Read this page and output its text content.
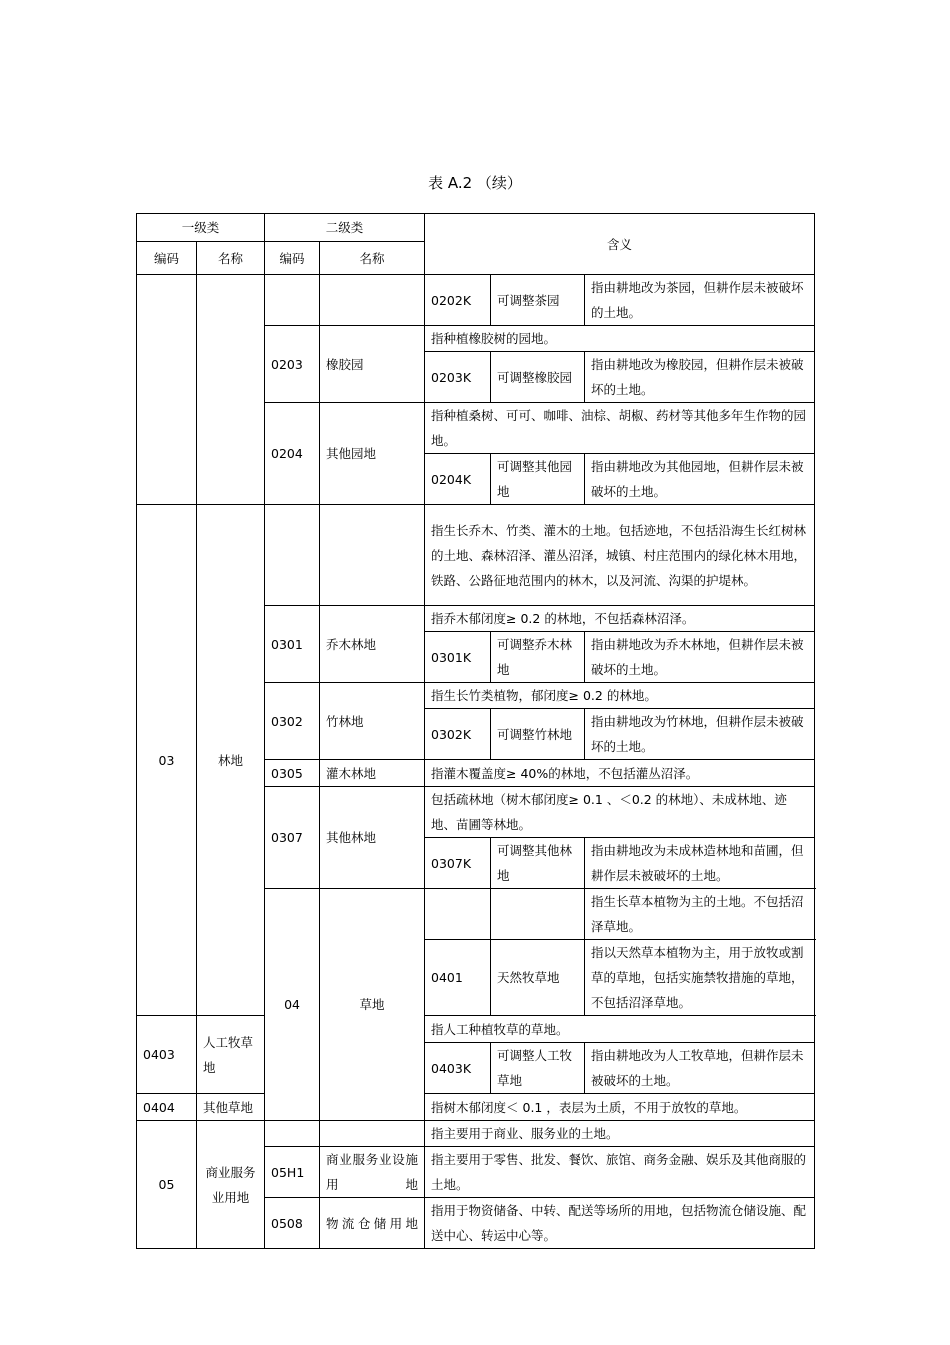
表 A.2 （续）
一级类		二级类		含义		
编码	名称	编码	名称			
				0202K	可调整茶园	指由耕地改为茶园，但耕作层未被破坏的土地。
		0203	橡胶园	指种植橡胶树的园地。		
				0203K	可调整橡胶园	指由耕地改为橡胶园，但耕作层未被破坏的土地。
		0204	其他园地	指种植桑树、可可、咖啡、油棕、胡椒、药材等其他多年生作物的园地。		
				0204K	可调整其他园地	指由耕地改为其他园地，但耕作层未被破坏的土地。
03	林地			指生长乔木、竹类、灌木的土地。包括迹地，不包括沿海生长红树林的土地、森林沼泽、灌丛沼泽，城镇、村庄范围内的绿化林木用地，铁路、公路征地范围内的林木，以及河流、沟渠的护堤林。		
		0301	乔木林地	指乔木郁闭度≥ 0.2 的林地，不包括森林沼泽。		
				0301K	可调整乔木林地	指由耕地改为乔木林地，但耕作层未被破坏的土地。
		0302	竹林地	指生长竹类植物，郁闭度≥ 0.2 的林地。		
				0302K	可调整竹林地	指由耕地改为竹林地，但耕作层未被破坏的土地。
		0305	灌木林地	指灌木覆盖度≥ 40%的林地，不包括灌丛沼泽。		
		0307	其他林地	包括疏林地（树木郁闭度≥ 0.1 、＜0.2 的林地）、未成林地、迹地、苗圃等林地。		
				0307K	可调整其他林地	指由耕地改为未成林造林地和苗圃，但耕作层未被破坏的土地。
		04	草地			指生长草本植物为主的土地。不包括沼泽草地。
				0401	天然牧草地	指以天然草本植物为主，用于放牧或割草的草地，包括实施禁牧措施的草地，不包括沼泽草地。
0403	人工牧草地			指人工种植牧草的草地。		
				0403K	可调整人工牧草地	指由耕地改为人工牧草地，但耕作层未被破坏的土地。
0404	其他草地			指树木郁闭度＜ 0.1 ，表层为土质，不用于放牧的草地。		
05	商业服务业用地			指主要用于商业、服务业的土地。		
		05H1	商业服务业设施用地	指主要用于零售、批发、餐饮、旅馆、商务金融、娱乐及其他商服的土地。		
		0508	物流仓储用地	指用于物资储备、中转、配送等场所的用地，包括物流仓储设施、配送中心、转运中心等。		
